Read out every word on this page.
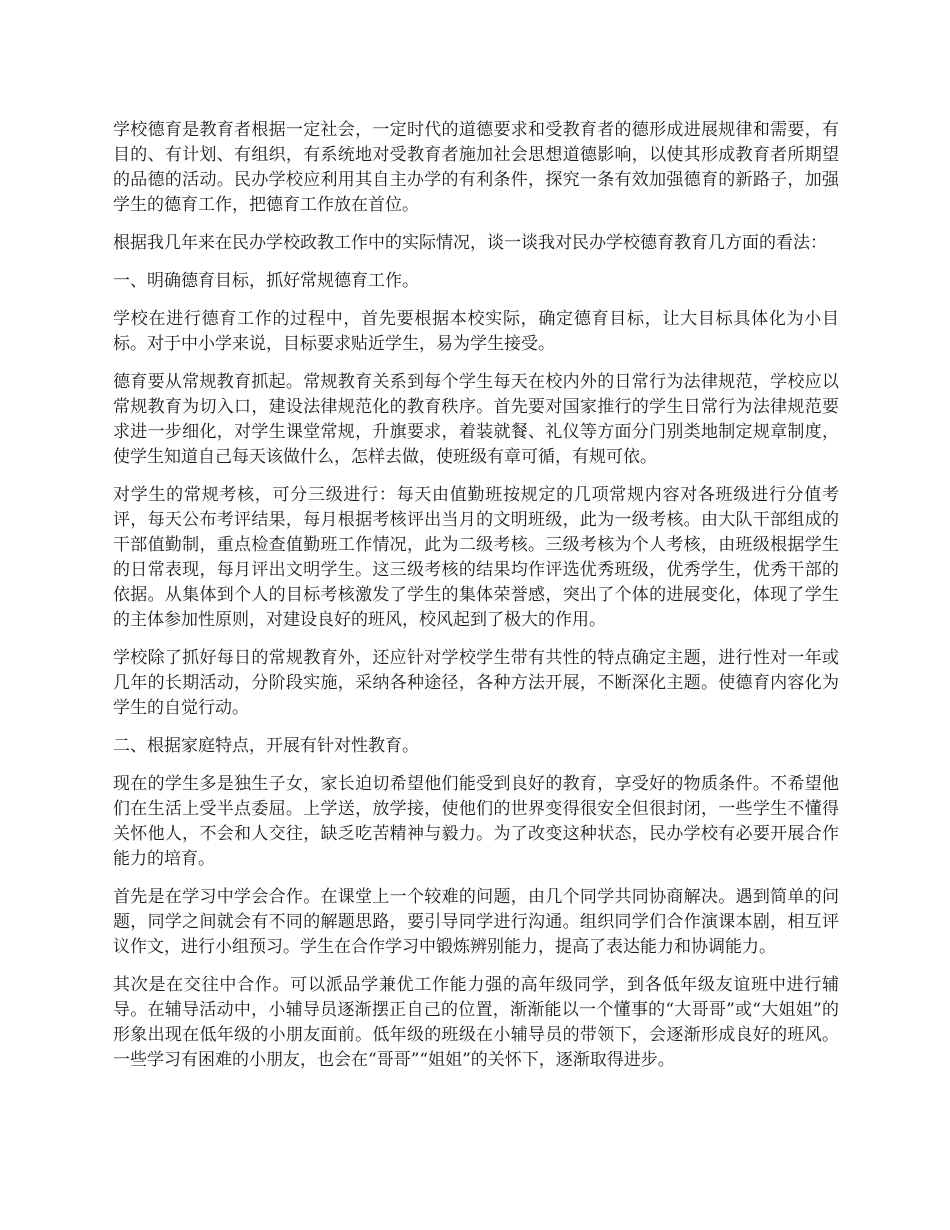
学校德育是教育者根据一定社会，一定时代的道德要求和受教育者的德形成进展规律和需要，有目的、有计划、有组织，有系统地对受教育者施加社会思想道德影响，以使其形成教育者所期望的品德的活动。民办学校应利用其自主办学的有利条件，探究一条有效加强德育的新路子，加强学生的德育工作，把德育工作放在首位。

根据我几年来在民办学校政教工作中的实际情况，谈一谈我对民办学校德育教育几方面的看法：

一、明确德育目标，抓好常规德育工作。

学校在进行德育工作的过程中，首先要根据本校实际，确定德育目标，让大目标具体化为小目标。对于中小学来说，目标要求贴近学生，易为学生接受。

德育要从常规教育抓起。常规教育关系到每个学生每天在校内外的日常行为法律规范，学校应以常规教育为切入口，建设法律规范化的教育秩序。首先要对国家推行的学生日常行为法律规范要求进一步细化，对学生课堂常规，升旗要求，着装就餐、礼仪等方面分门别类地制定规章制度，使学生知道自己每天该做什么，怎样去做，使班级有章可循，有规可依。

对学生的常规考核，可分三级进行：每天由值勤班按规定的几项常规内容对各班级进行分值考评，每天公布考评结果，每月根据考核评出当月的文明班级，此为一级考核。由大队干部组成的干部值勤制，重点检查值勤班工作情况，此为二级考核。三级考核为个人考核，由班级根据学生的日常表现，每月评出文明学生。这三级考核的结果均作评选优秀班级，优秀学生，优秀干部的依据。从集体到个人的目标考核激发了学生的集体荣誉感，突出了个体的进展变化，体现了学生的主体参加性原则，对建设良好的班风，校风起到了极大的作用。

学校除了抓好每日的常规教育外，还应针对学校学生带有共性的特点确定主题，进行性对一年或几年的长期活动，分阶段实施，采纳各种途径，各种方法开展，不断深化主题。使德育内容化为学生的自觉行动。

二、根据家庭特点，开展有针对性教育。

现在的学生多是独生子女，家长迫切希望他们能受到良好的教育，享受好的物质条件。不希望他们在生活上受半点委屈。上学送，放学接，使他们的世界变得很安全但很封闭，一些学生不懂得关怀他人，不会和人交往，缺乏吃苦精神与毅力。为了改变这种状态，民办学校有必要开展合作能力的培育。

首先是在学习中学会合作。在课堂上一个较难的问题，由几个同学共同协商解决。遇到简单的问题，同学之间就会有不同的解题思路，要引导同学进行沟通。组织同学们合作演课本剧，相互评议作文，进行小组预习。学生在合作学习中锻炼辨别能力，提高了表达能力和协调能力。

其次是在交往中合作。可以派品学兼优工作能力强的高年级同学，到各低年级友谊班中进行辅导。在辅导活动中，小辅导员逐渐摆正自己的位置，渐渐能以一个懂事的“大哥哥”或“大姐姐”的形象出现在低年级的小朋友面前。低年级的班级在小辅导员的带领下，会逐渐形成良好的班风。一些学习有困难的小朋友，也会在“哥哥”“姐姐”的关怀下，逐渐取得进步。
